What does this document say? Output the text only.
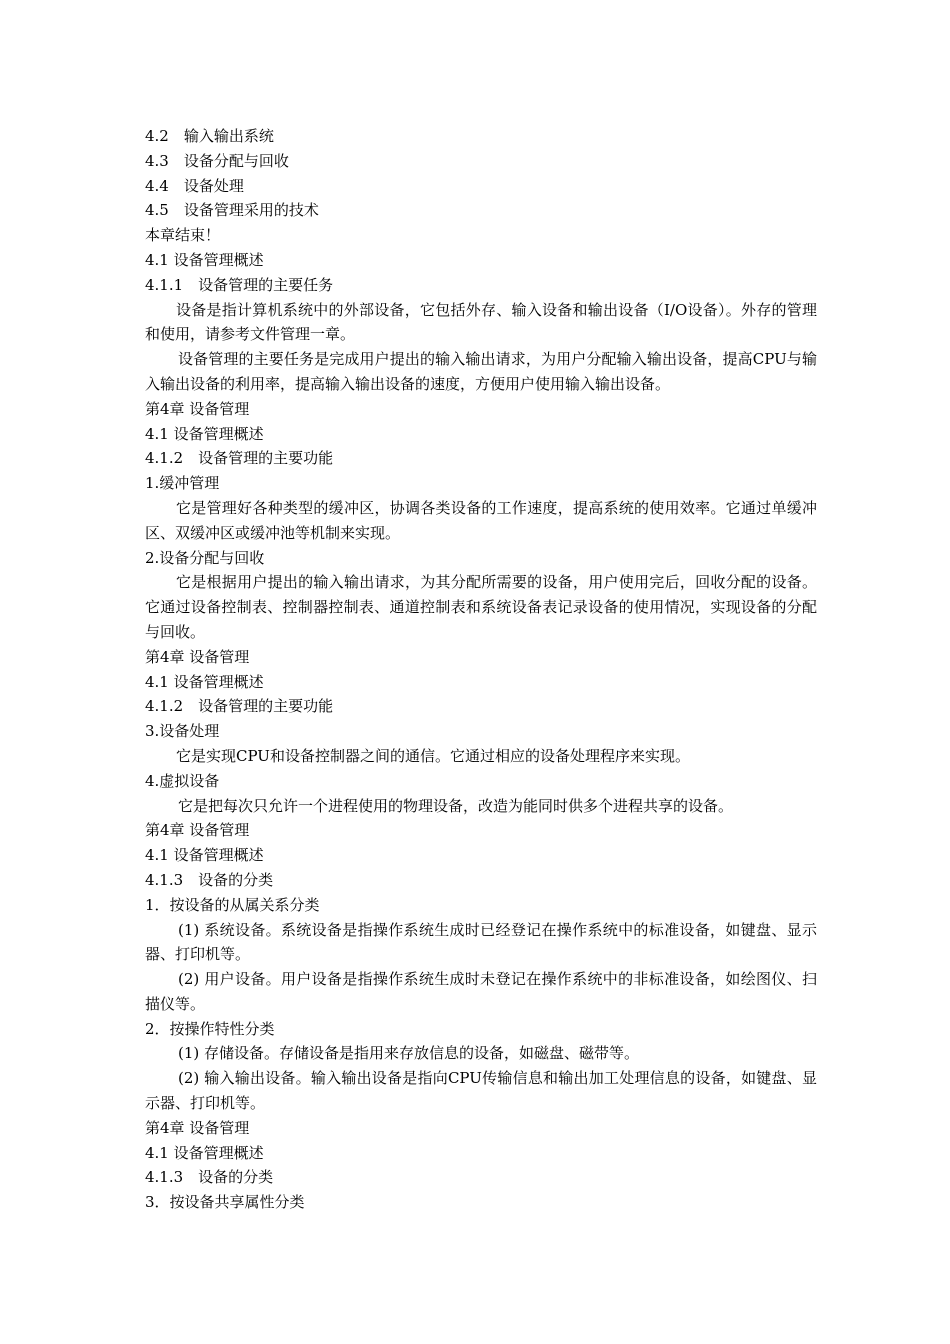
4.2　输入输出系统
4.3　设备分配与回收
4.4　设备处理
4.5　设备管理采用的技术
本章结束！
4.1 设备管理概述
4.1.1　设备管理的主要任务

设备是指计算机系统中的外部设备，它包括外存、输入设备和输出设备（I/O设备）。外存的管理和使用，请参考文件管理一章。

设备管理的主要任务是完成用户提出的输入输出请求，为用户分配输入输出设备，提高CPU与输入输出设备的利用率，提高输入输出设备的速度，方便用户使用输入输出设备。

第4章 设备管理
4.1 设备管理概述
4.1.2　设备管理的主要功能
1.缓冲管理

它是管理好各种类型的缓冲区，协调各类设备的工作速度，提高系统的使用效率。它通过单缓冲区、双缓冲区或缓冲池等机制来实现。

2.设备分配与回收

它是根据用户提出的输入输出请求，为其分配所需要的设备，用户使用完后，回收分配的设备。它通过设备控制表、控制器控制表、通道控制表和系统设备表记录设备的使用情况，实现设备的分配与回收。

第4章 设备管理
4.1 设备管理概述
4.1.2　设备管理的主要功能
3.设备处理

它是实现CPU和设备控制器之间的通信。它通过相应的设备处理程序来实现。

4.虚拟设备

它是把每次只允许一个进程使用的物理设备，改造为能同时供多个进程共享的设备。

第4章 设备管理
4.1 设备管理概述
4.1.3　设备的分类
1．按设备的从属关系分类

(1) 系统设备。系统设备是指操作系统生成时已经登记在操作系统中的标准设备，如键盘、显示器、打印机等。

(2) 用户设备。用户设备是指操作系统生成时未登记在操作系统中的非标准设备，如绘图仪、扫描仪等。

2．按操作特性分类

(1) 存储设备。存储设备是指用来存放信息的设备，如磁盘、磁带等。

(2) 输入输出设备。输入输出设备是指向CPU传输信息和输出加工处理信息的设备，如键盘、显示器、打印机等。

第4章 设备管理
4.1 设备管理概述
4.1.3　设备的分类
3．按设备共享属性分类
